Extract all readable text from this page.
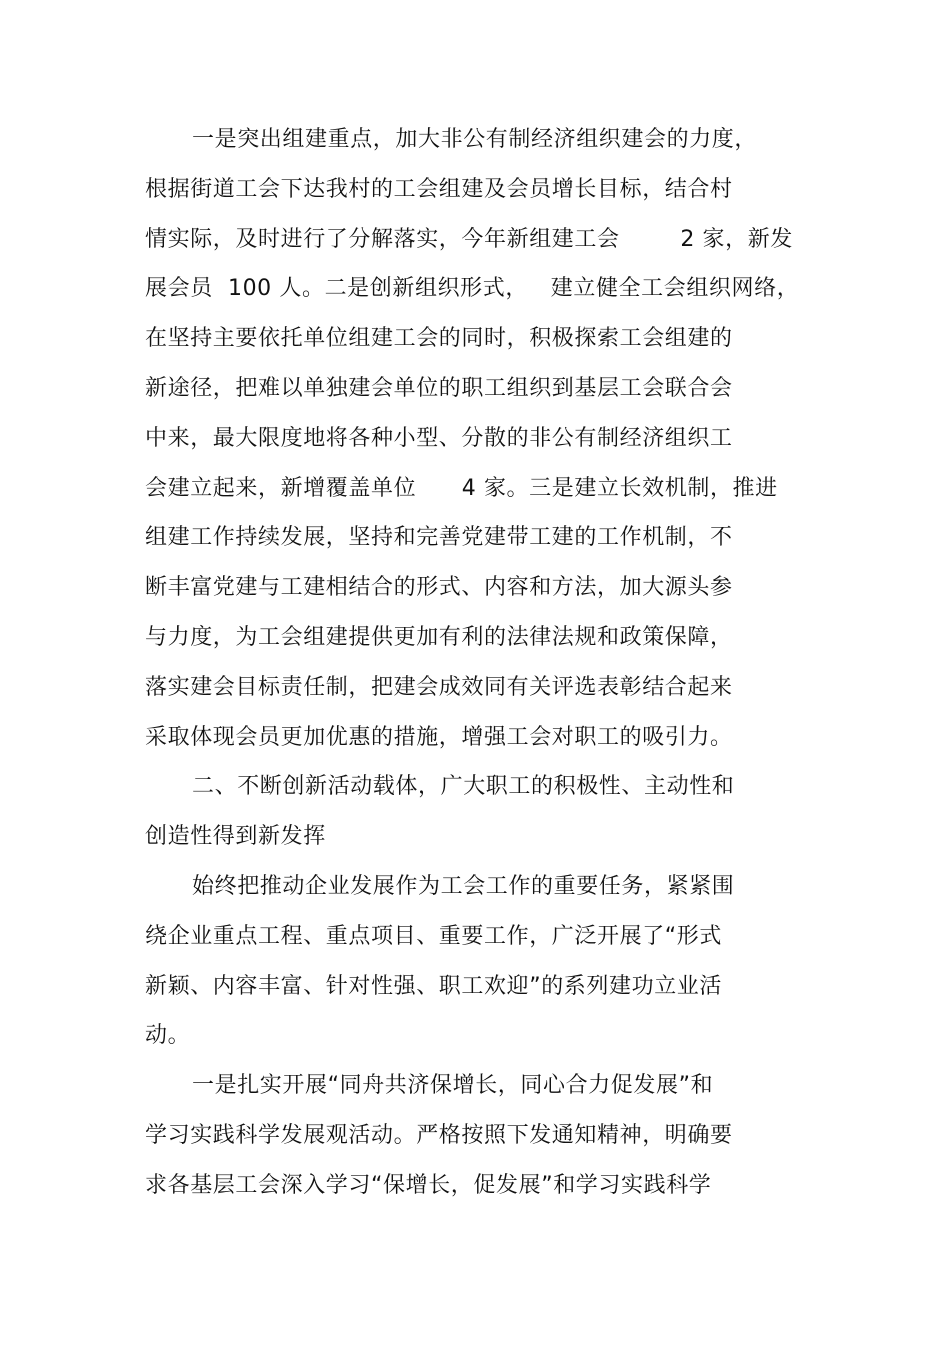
一是突出组建重点，加大非公有制经济组织建会的力度，
根据街道工会下达我村的工会组建及会员增长目标，结合村
情实际，及时进行了分解落实，今年新组建工会        2 家，新发
展会员  100 人。二是创新组织形式，   建立健全工会组织网络，
在坚持主要依托单位组建工会的同时，积极探索工会组建的
新途径，把难以单独建会单位的职工组织到基层工会联合会
中来，最大限度地将各种小型、分散的非公有制经济组织工
会建立起来，新增覆盖单位      4 家。三是建立长效机制，推进
组建工作持续发展，坚持和完善党建带工建的工作机制，不
断丰富党建与工建相结合的形式、内容和方法，加大源头参
与力度，为工会组建提供更加有利的法律法规和政策保障，
落实建会目标责任制，把建会成效同有关评选表彰结合起来
采取体现会员更加优惠的措施，增强工会对职工的吸引力。
二、不断创新活动载体，广大职工的积极性、主动性和
创造性得到新发挥
始终把推动企业发展作为工会工作的重要任务，紧紧围
绕企业重点工程、重点项目、重要工作，广泛开展了“形式
新颖、内容丰富、针对性强、职工欢迎”的系列建功立业活
动。
一是扎实开展“同舟共济保增长，同心合力促发展”和
学习实践科学发展观活动。严格按照下发通知精神，明确要
求各基层工会深入学习“保增长，促发展”和学习实践科学
